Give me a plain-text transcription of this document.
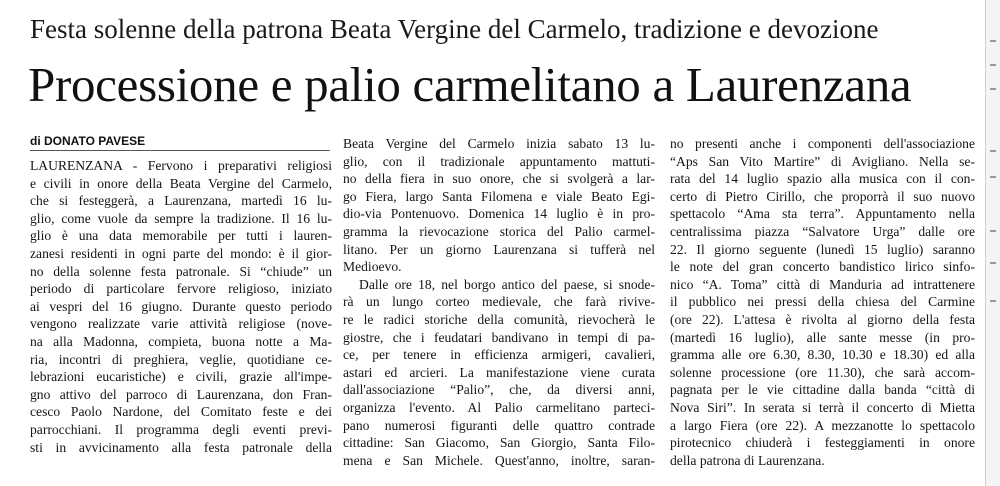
Festa solenne della patrona Beata Vergine del Carmelo, tradizione e devozione
Processione e palio carmelitano a Laurenzana
di DONATO PAVESE
LAURENZANA - Fervono i preparativi religiosi
e civili in onore della Beata Vergine del Carmelo,
che si festeggerà, a Laurenzana, martedì 16 lu-
glio, come vuole da sempre la tradizione. Il 16 lu-
glio è una data memorabile per tutti i lauren-
zanesi residenti in ogni parte del mondo: è il gior-
no della solenne festa patronale. Si “chiude” un
periodo di particolare fervore religioso, iniziato
ai vespri del 16 giugno. Durante questo periodo
vengono realizzate varie attività religiose (nove-
na alla Madonna, compieta, buona notte a Ma-
ria, incontri di preghiera, veglie, quotidiane ce-
lebrazioni eucaristiche) e civili, grazie all'impe-
gno attivo del parroco di Laurenzana, don Fran-
cesco Paolo Nardone, del Comitato feste e dei
parrocchiani. Il programma degli eventi previ-
sti in avvicinamento alla festa patronale della
Beata Vergine del Carmelo inizia sabato 13 lu-
glio, con il tradizionale appuntamento mattuti-
no della fiera in suo onore, che si svolgerà a lar-
go Fiera, largo Santa Filomena e viale Beato Egi-
dio-via Pontenuovo. Domenica 14 luglio è in pro-
gramma la rievocazione storica del Palio carmel-
litano. Per un giorno Laurenzana si tufferà nel
Medioevo.
Dalle ore 18, nel borgo antico del paese, si snode-
rà un lungo corteo medievale, che farà rivive-
re le radici storiche della comunità, rievocherà le
giostre, che i feudatari bandivano in tempi di pa-
ce, per tenere in efficienza armigeri, cavalieri,
astari ed arcieri. La manifestazione viene curata
dall'associazione “Palio”, che, da diversi anni,
organizza l'evento. Al Palio carmelitano parteci-
pano numerosi figuranti delle quattro contrade
cittadine: San Giacomo, San Giorgio, Santa Filo-
mena e San Michele. Quest'anno, inoltre, saran-
no presenti anche i componenti dell'associazione
“Aps San Vito Martire” di Avigliano. Nella se-
rata del 14 luglio spazio alla musica con il con-
certo di Pietro Cirillo, che proporrà il suo nuovo
spettacolo “Ama sta terra”. Appuntamento nella
centralissima piazza “Salvatore Urga” dalle ore
22. Il giorno seguente (lunedì 15 luglio) saranno
le note del gran concerto bandistico lirico sinfo-
nico “A. Toma” città di Manduria ad intrattenere
il pubblico nei pressi della chiesa del Carmine
(ore 22). L'attesa è rivolta al giorno della festa
(martedì 16 luglio), alle sante messe (in pro-
gramma alle ore 6.30, 8.30, 10.30 e 18.30) ed alla
solenne processione (ore 11.30), che sarà accom-
pagnata per le vie cittadine dalla banda “città di
Nova Siri”. In serata si terrà il concerto di Mietta
a largo Fiera (ore 22). A mezzanotte lo spettacolo
pirotecnico chiuderà i festeggiamenti in onore
della patrona di Laurenzana.
